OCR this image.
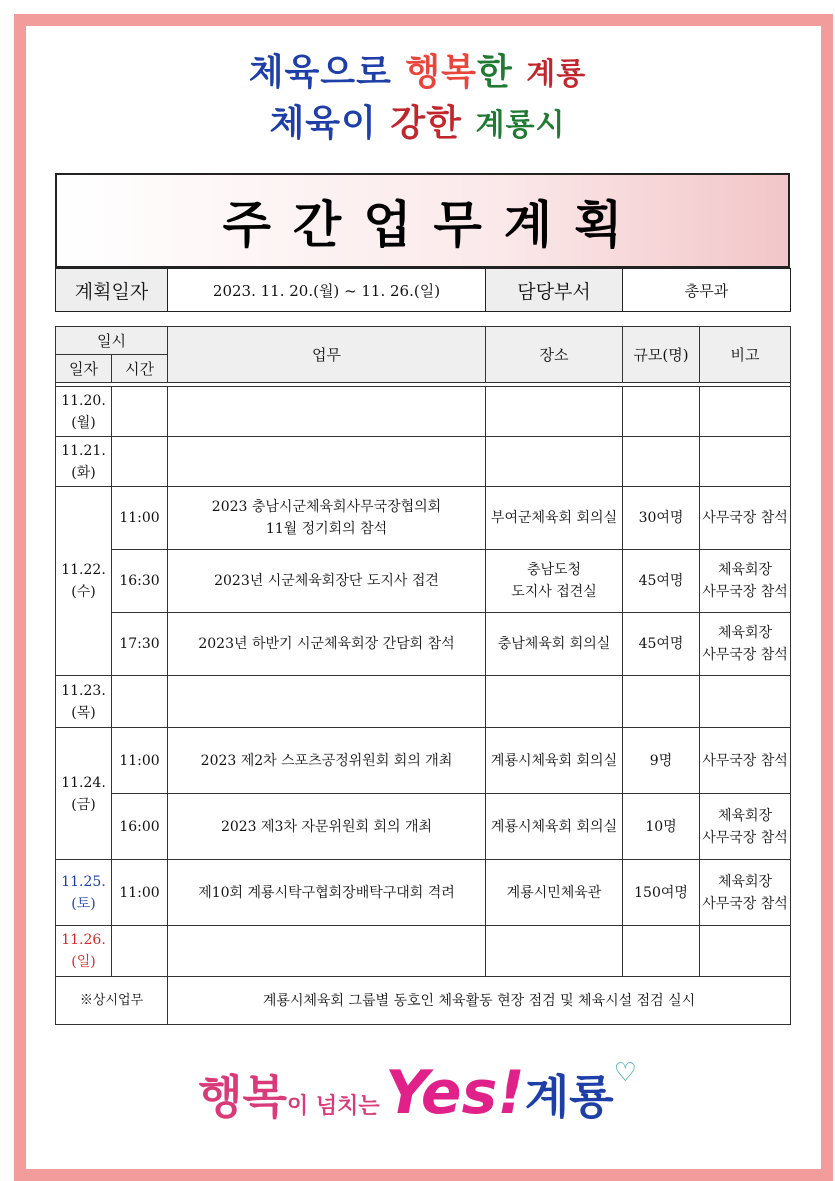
체육으로 행복한 계룡
체육이 강한 계룡시
주간업무계획
계획일자	2023. 11. 20.(월) ~ 11. 26.(일)	담당부서	총무과
일시		업무	장소	규모(명)	비고
일자	시간				

11.20.
(월)					

11.21.
(화)					

11.22.
(수)	11:00	2023 충남시군체육회사무국장협의회
11월 정기회의 참석	부여군체육회 회의실	30여명	사무국장 참석
	16:30	2023년 시군체육회장단 도지사 접견	충남도청
도지사 접견실	45여명	체육회장
사무국장 참석

	17:30	2023년 하반기 시군체육회장 간담회 참석	충남체육회 회의실	45여명	체육회장
사무국장 참석

11.23.
(목)					

11.24.
(금)	11:00	2023 제2차 스포츠공정위원회 회의 개최	계룡시체육회 회의실	9명	사무국장 참석
	16:00	2023 제3차 자문위원회 회의 개최	계룡시체육회 회의실	10명	체육회장
사무국장 참석

11.25.
(토)	11:00	제10회 계룡시탁구협회장배탁구대회 격려	계룡시민체육관	150여명	체육회장
사무국장 참석

11.26.
(일)					

※상시업무		계룡시체육회 그룹별 동호인 체육활동 현장 점검 및 체육시설 점검 실시			
행복이 넘치는 Yes!계룡♡
